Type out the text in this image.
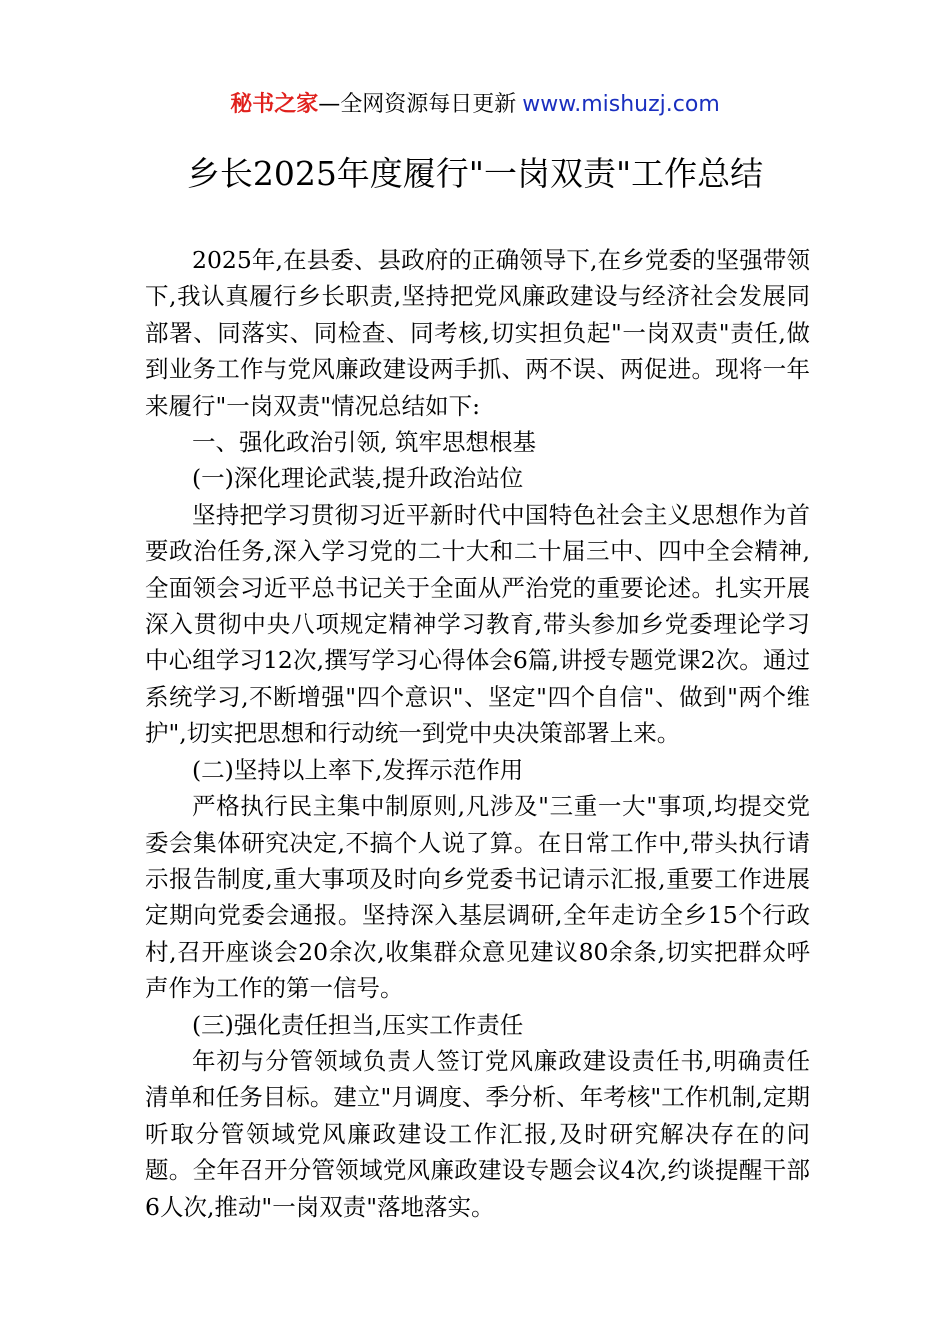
秘书之家—全网资源每日更新 www.mishuzj.com
乡长2025年度履行"一岗双责"工作总结

2025年,在县委、县政府的正确领导下,在乡党委的坚强带领下,我认真履行乡长职责,坚持把党风廉政建设与经济社会发展同部署、同落实、同检查、同考核,切实担负起"一岗双责"责任,做到业务工作与党风廉政建设两手抓、两不误、两促进。现将一年来履行"一岗双责"情况总结如下:

一、强化政治引领, 筑牢思想根基

(一)深化理论武装,提升政治站位

坚持把学习贯彻习近平新时代中国特色社会主义思想作为首要政治任务,深入学习党的二十大和二十届三中、四中全会精神,全面领会习近平总书记关于全面从严治党的重要论述。扎实开展深入贯彻中央八项规定精神学习教育,带头参加乡党委理论学习中心组学习12次,撰写学习心得体会6篇,讲授专题党课2次。通过系统学习,不断增强"四个意识"、坚定"四个自信"、做到"两个维护",切实把思想和行动统一到党中央决策部署上来。

(二)坚持以上率下,发挥示范作用

严格执行民主集中制原则,凡涉及"三重一大"事项,均提交党委会集体研究决定,不搞个人说了算。在日常工作中,带头执行请示报告制度,重大事项及时向乡党委书记请示汇报,重要工作进展定期向党委会通报。坚持深入基层调研,全年走访全乡15个行政村,召开座谈会20余次,收集群众意见建议80余条,切实把群众呼声作为工作的第一信号。

(三)强化责任担当,压实工作责任

年初与分管领域负责人签订党风廉政建设责任书,明确责任清单和任务目标。建立"月调度、季分析、年考核"工作机制,定期听取分管领域党风廉政建设工作汇报,及时研究解决存在的问题。全年召开分管领域党风廉政建设专题会议4次,约谈提醒干部6人次,推动"一岗双责"落地落实。
